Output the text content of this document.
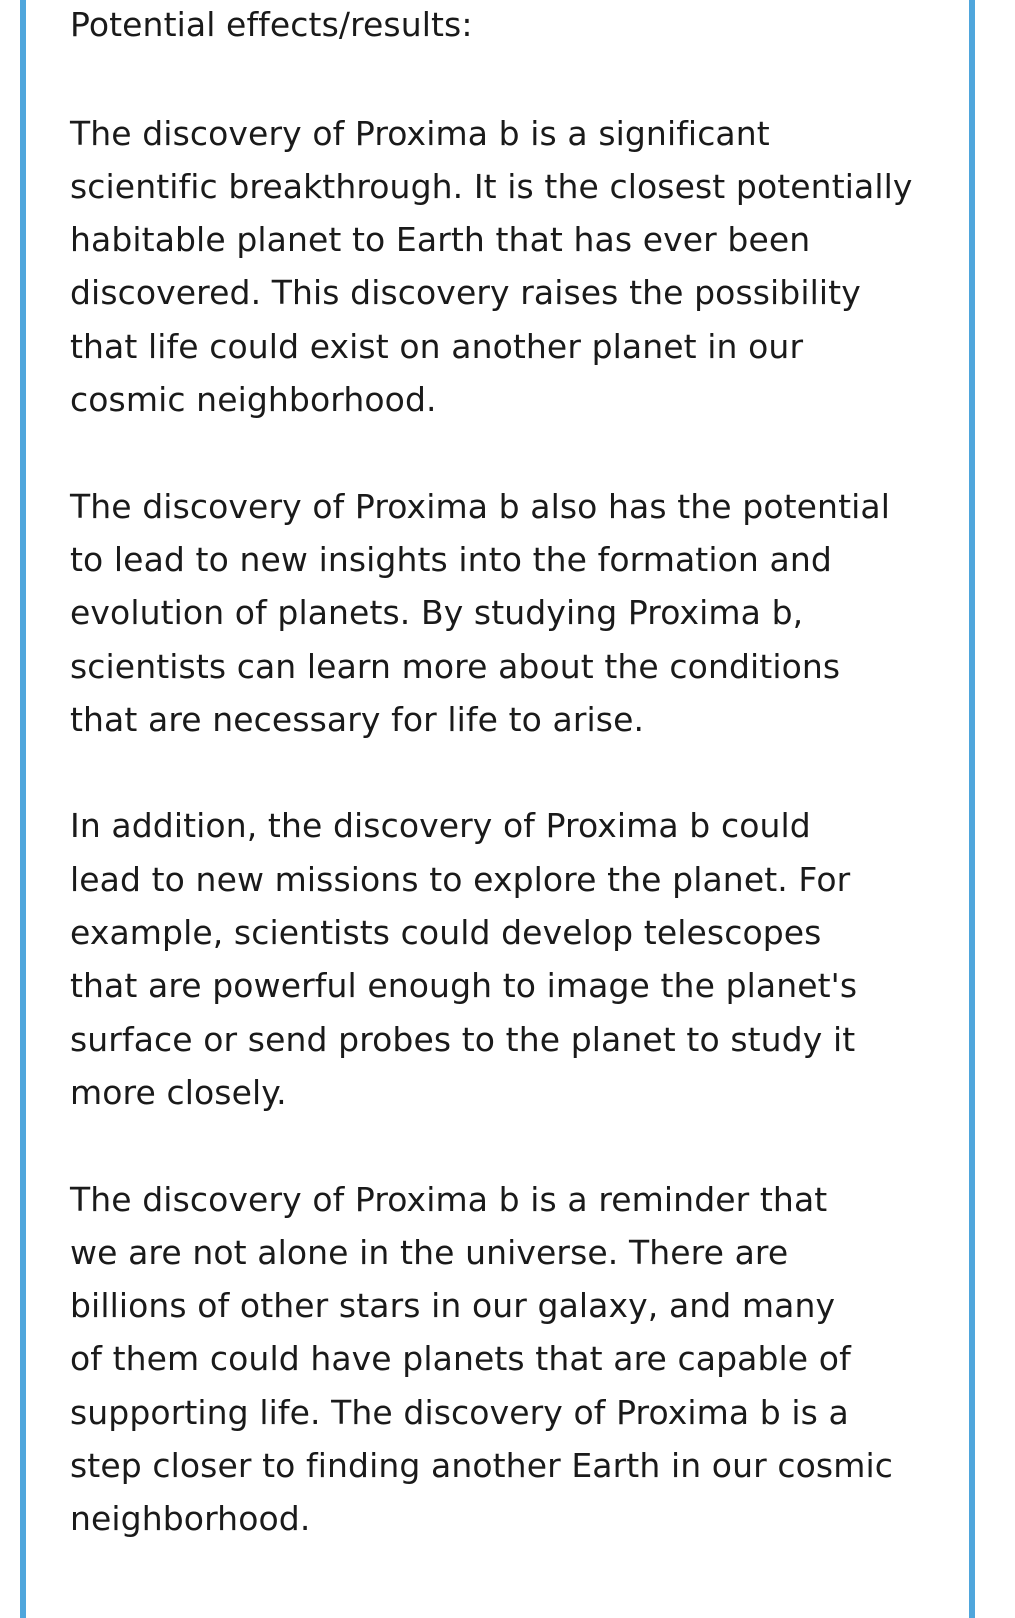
Potential effects/results:

The discovery of Proxima b is a significant
scientific breakthrough. It is the closest potentially
habitable planet to Earth that has ever been
discovered. This discovery raises the possibility
that life could exist on another planet in our
cosmic neighborhood.

The discovery of Proxima b also has the potential
to lead to new insights into the formation and
evolution of planets. By studying Proxima b,
scientists can learn more about the conditions
that are necessary for life to arise.

In addition, the discovery of Proxima b could
lead to new missions to explore the planet. For
example, scientists could develop telescopes
that are powerful enough to image the planet's
surface or send probes to the planet to study it
more closely.

The discovery of Proxima b is a reminder that
we are not alone in the universe. There are
billions of other stars in our galaxy, and many
of them could have planets that are capable of
supporting life. The discovery of Proxima b is a
step closer to finding another Earth in our cosmic
neighborhood.
